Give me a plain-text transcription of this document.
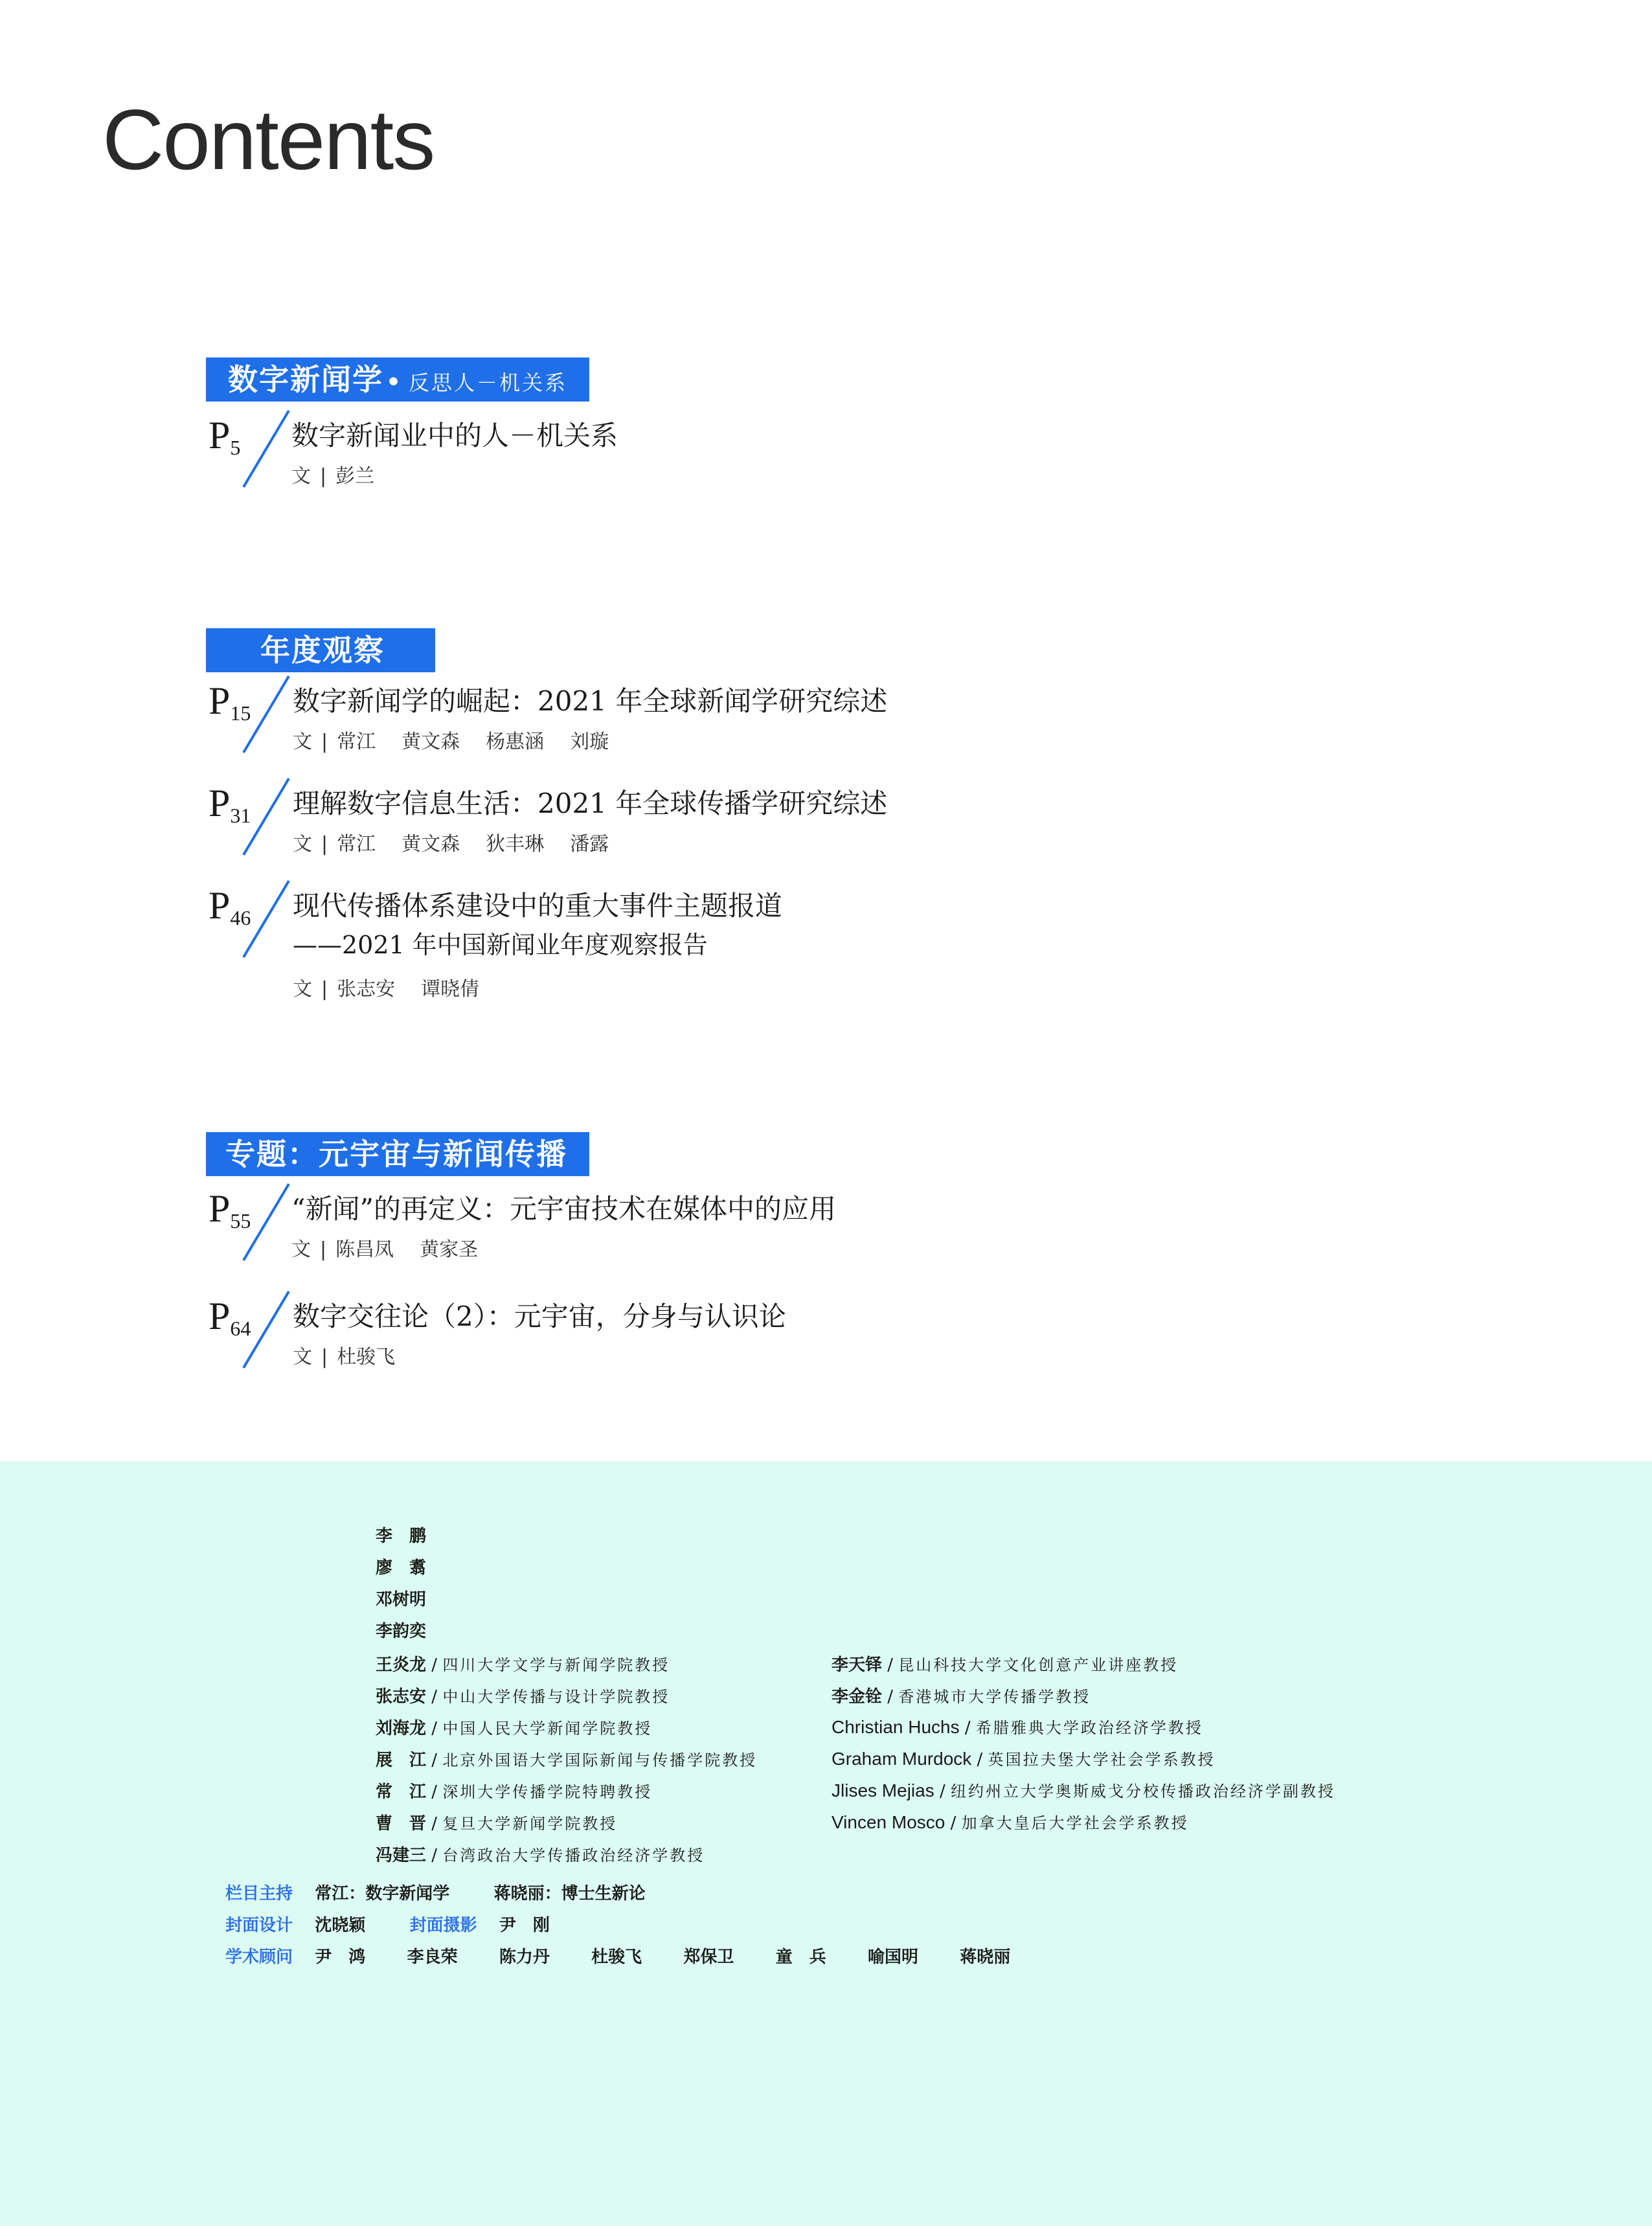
Contents
数字新闻学 • 反思人－机关系
$P_5$ 数字新闻业中的人－机关系
文 | 彭兰
年度观察
$P_{15}$ 数字新闻学的崛起：2021 年全球新闻学研究综述
文 | 常江 黄文森 杨惠涵 刘璇
$P_{31}$ 理解数字信息生活：2021 年全球传播学研究综述
文 | 常江 黄文森 狄丰琳 潘露
$P_{46}$ 现代传播体系建设中的重大事件主题报道
——2021 年中国新闻业年度观察报告
文 | 张志安 谭晓倩
专题：元宇宙与新闻传播
$P_{55}$ “新闻”的再定义：元宇宙技术在媒体中的应用
文 | 陈昌凤 黄家圣
$P_{64}$ 数字交往论（2）：元宇宙，分身与认识论
文 | 杜骏飞
李　鹏
廖　翥
邓树明
李韵奕
王炎龙 / 四川大学文学与新闻学院教授
张志安 / 中山大学传播与设计学院教授
刘海龙 / 中国人民大学新闻学院教授
展　江 / 北京外国语大学国际新闻与传播学院教授
常　江 / 深圳大学传播学院特聘教授
曹　晋 / 复旦大学新闻学院教授
冯建三 / 台湾政治大学传播政治经济学教授
李天铎 / 昆山科技大学文化创意产业讲座教授
李金铨 / 香港城市大学传播学教授
Christian Huchs / 希腊雅典大学政治经济学教授
Graham Murdock / 英国拉夫堡大学社会学系教授
Jlises Mejias / 纽约州立大学奥斯威戈分校传播政治经济学副教授
Vincen Mosco / 加拿大皇后大学社会学系教授
栏目主持 常江：数字新闻学	蒋晓丽：博士生新论
封面设计 沈晓颖	封面摄影 尹　刚
学术顾问 尹　鸿 李良荣 陈力丹 杜骏飞 郑保卫 童　兵 喻国明 蒋晓丽
